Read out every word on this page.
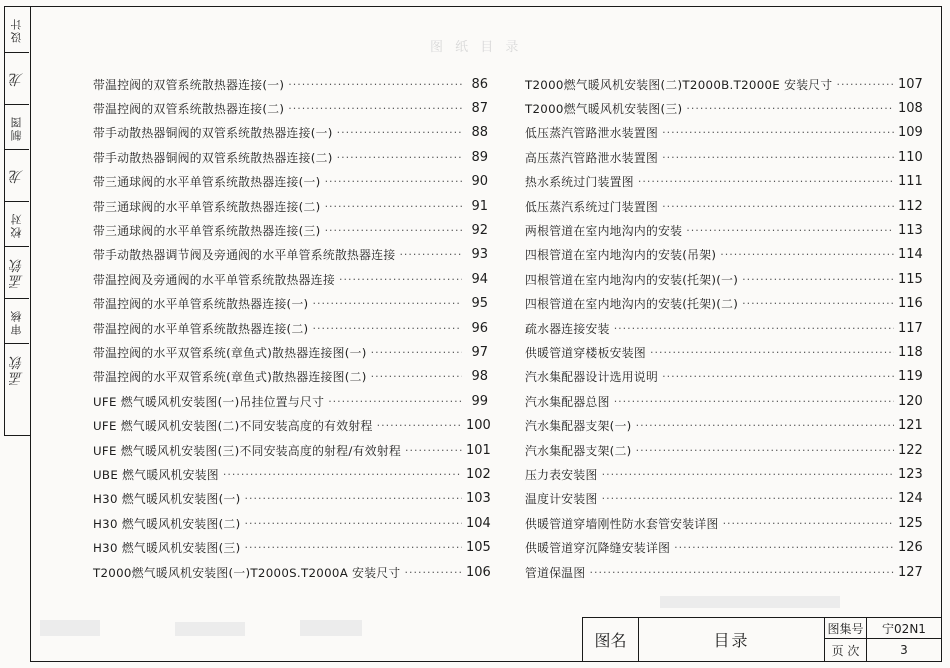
设计
龙
制图
龙
校对
孟钦
审核
孟钦
图 纸 目 录
带温控阀的双管系统散热器连接(一) ·····	86
带温控阀的双管系统散热器连接(二) ·····	87
带手动散热器铜阀的双管系统散热器连接(一) ·····	88
带手动散热器铜阀的双管系统散热器连接(二) ·····	89
带三通球阀的水平单管系统散热器连接(一) ·····	90
带三通球阀的水平单管系统散热器连接(二) ·····	91
带三通球阀的水平单管系统散热器连接(三) ·····	92
带手动散热器调节阀及旁通阀的水平单管系统散热器连接 ·····	93
带温控阀及旁通阀的水平单管系统散热器连接 ·····	94
带温控阀的水平单管系统散热器连接(一) ·····	95
带温控阀的水平单管系统散热器连接(二) ·····	96
带温控阀的水平双管系统(章鱼式)散热器连接图(一) ·····	97
带温控阀的水平双管系统(章鱼式)散热器连接图(二) ·····	98
UFE 燃气暖风机安装图(一)吊挂位置与尺寸 ·····	99
UFE 燃气暖风机安装图(二)不同安装高度的有效射程 ·····	100
UFE 燃气暖风机安装图(三)不同安装高度的射程/有效射程 ·····	101
UBE 燃气暖风机安装图 ·····	102
H30 燃气暖风机安装图(一) ·····	103
H30 燃气暖风机安装图(二) ·····	104
H30 燃气暖风机安装图(三) ·····	105
T2000燃气暖风机安装图(一)T2000S.T2000A 安装尺寸 ·····	106
T2000燃气暖风机安装图(二)T2000B.T2000E 安装尺寸 ·····	107
T2000燃气暖风机安装图(三) ·····	108
低压蒸汽管路泄水装置图 ·····	109
高压蒸汽管路泄水装置图 ·····	110
热水系统过门装置图 ·····	111
低压蒸汽系统过门装置图 ·····	112
两根管道在室内地沟内的安装 ·····	113
四根管道在室内地沟内的安装(吊架) ·····	114
四根管道在室内地沟内的安装(托架)(一) ·····	115
四根管道在室内地沟内的安装(托架)(二) ·····	116
疏水器连接安装 ·····	117
供暖管道穿楼板安装图 ·····	118
汽水集配器设计选用说明 ·····	119
汽水集配器总图 ·····	120
汽水集配器支架(一) ·····	121
汽水集配器支架(二) ·····	122
压力表安装图 ·····	123
温度计安装图 ·····	124
供暖管道穿墙刚性防水套管安装详图 ·····	125
供暖管道穿沉降缝安装详图 ·····	126
管道保温图 ·····	127
图名	目录
图集号	宁02N1
页 次	3
